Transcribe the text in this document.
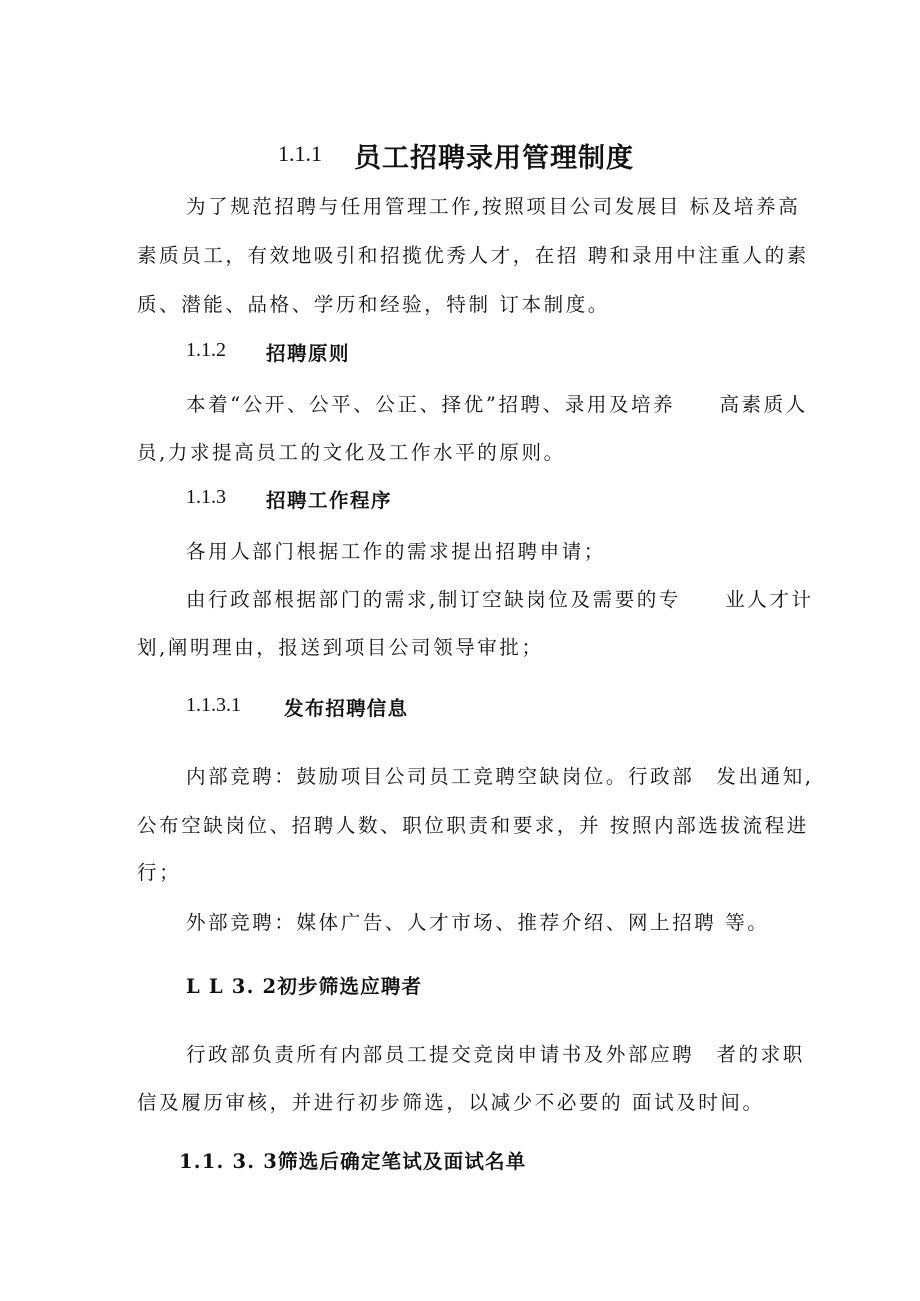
1.1.1 员工招聘录用管理制度
为了规范招聘与任用管理工作,按照项目公司发展目 标及培养高
素质员工，有效地吸引和招揽优秀人才，在招 聘和录用中注重人的素
质、潜能、品格、学历和经验，特制 订本制度。
1.1.2 招聘原则
本着“公开、公平、公正、择优”招聘、录用及培养　　高素质人
员,力求提高员工的文化及工作水平的原则。
1.1.3 招聘工作程序
各用人部门根据工作的需求提出招聘申请；
由行政部根据部门的需求,制订空缺岗位及需要的专　　业人才计
划,阐明理由，报送到项目公司领导审批；
1.1.3.1 发布招聘信息
内部竞聘：鼓励项目公司员工竞聘空缺岗位。行政部　发出通知,
公布空缺岗位、招聘人数、职位职责和要求，并 按照内部选拔流程进
行；
外部竞聘：媒体广告、人才市场、推荐介绍、网上招聘 等。
L L 3. 2初步筛选应聘者
行政部负责所有内部员工提交竞岗申请书及外部应聘　者的求职
信及履历审核，并进行初步筛选，以减少不必要的 面试及时间。
1.1. 3. 3筛选后确定笔试及面试名单
